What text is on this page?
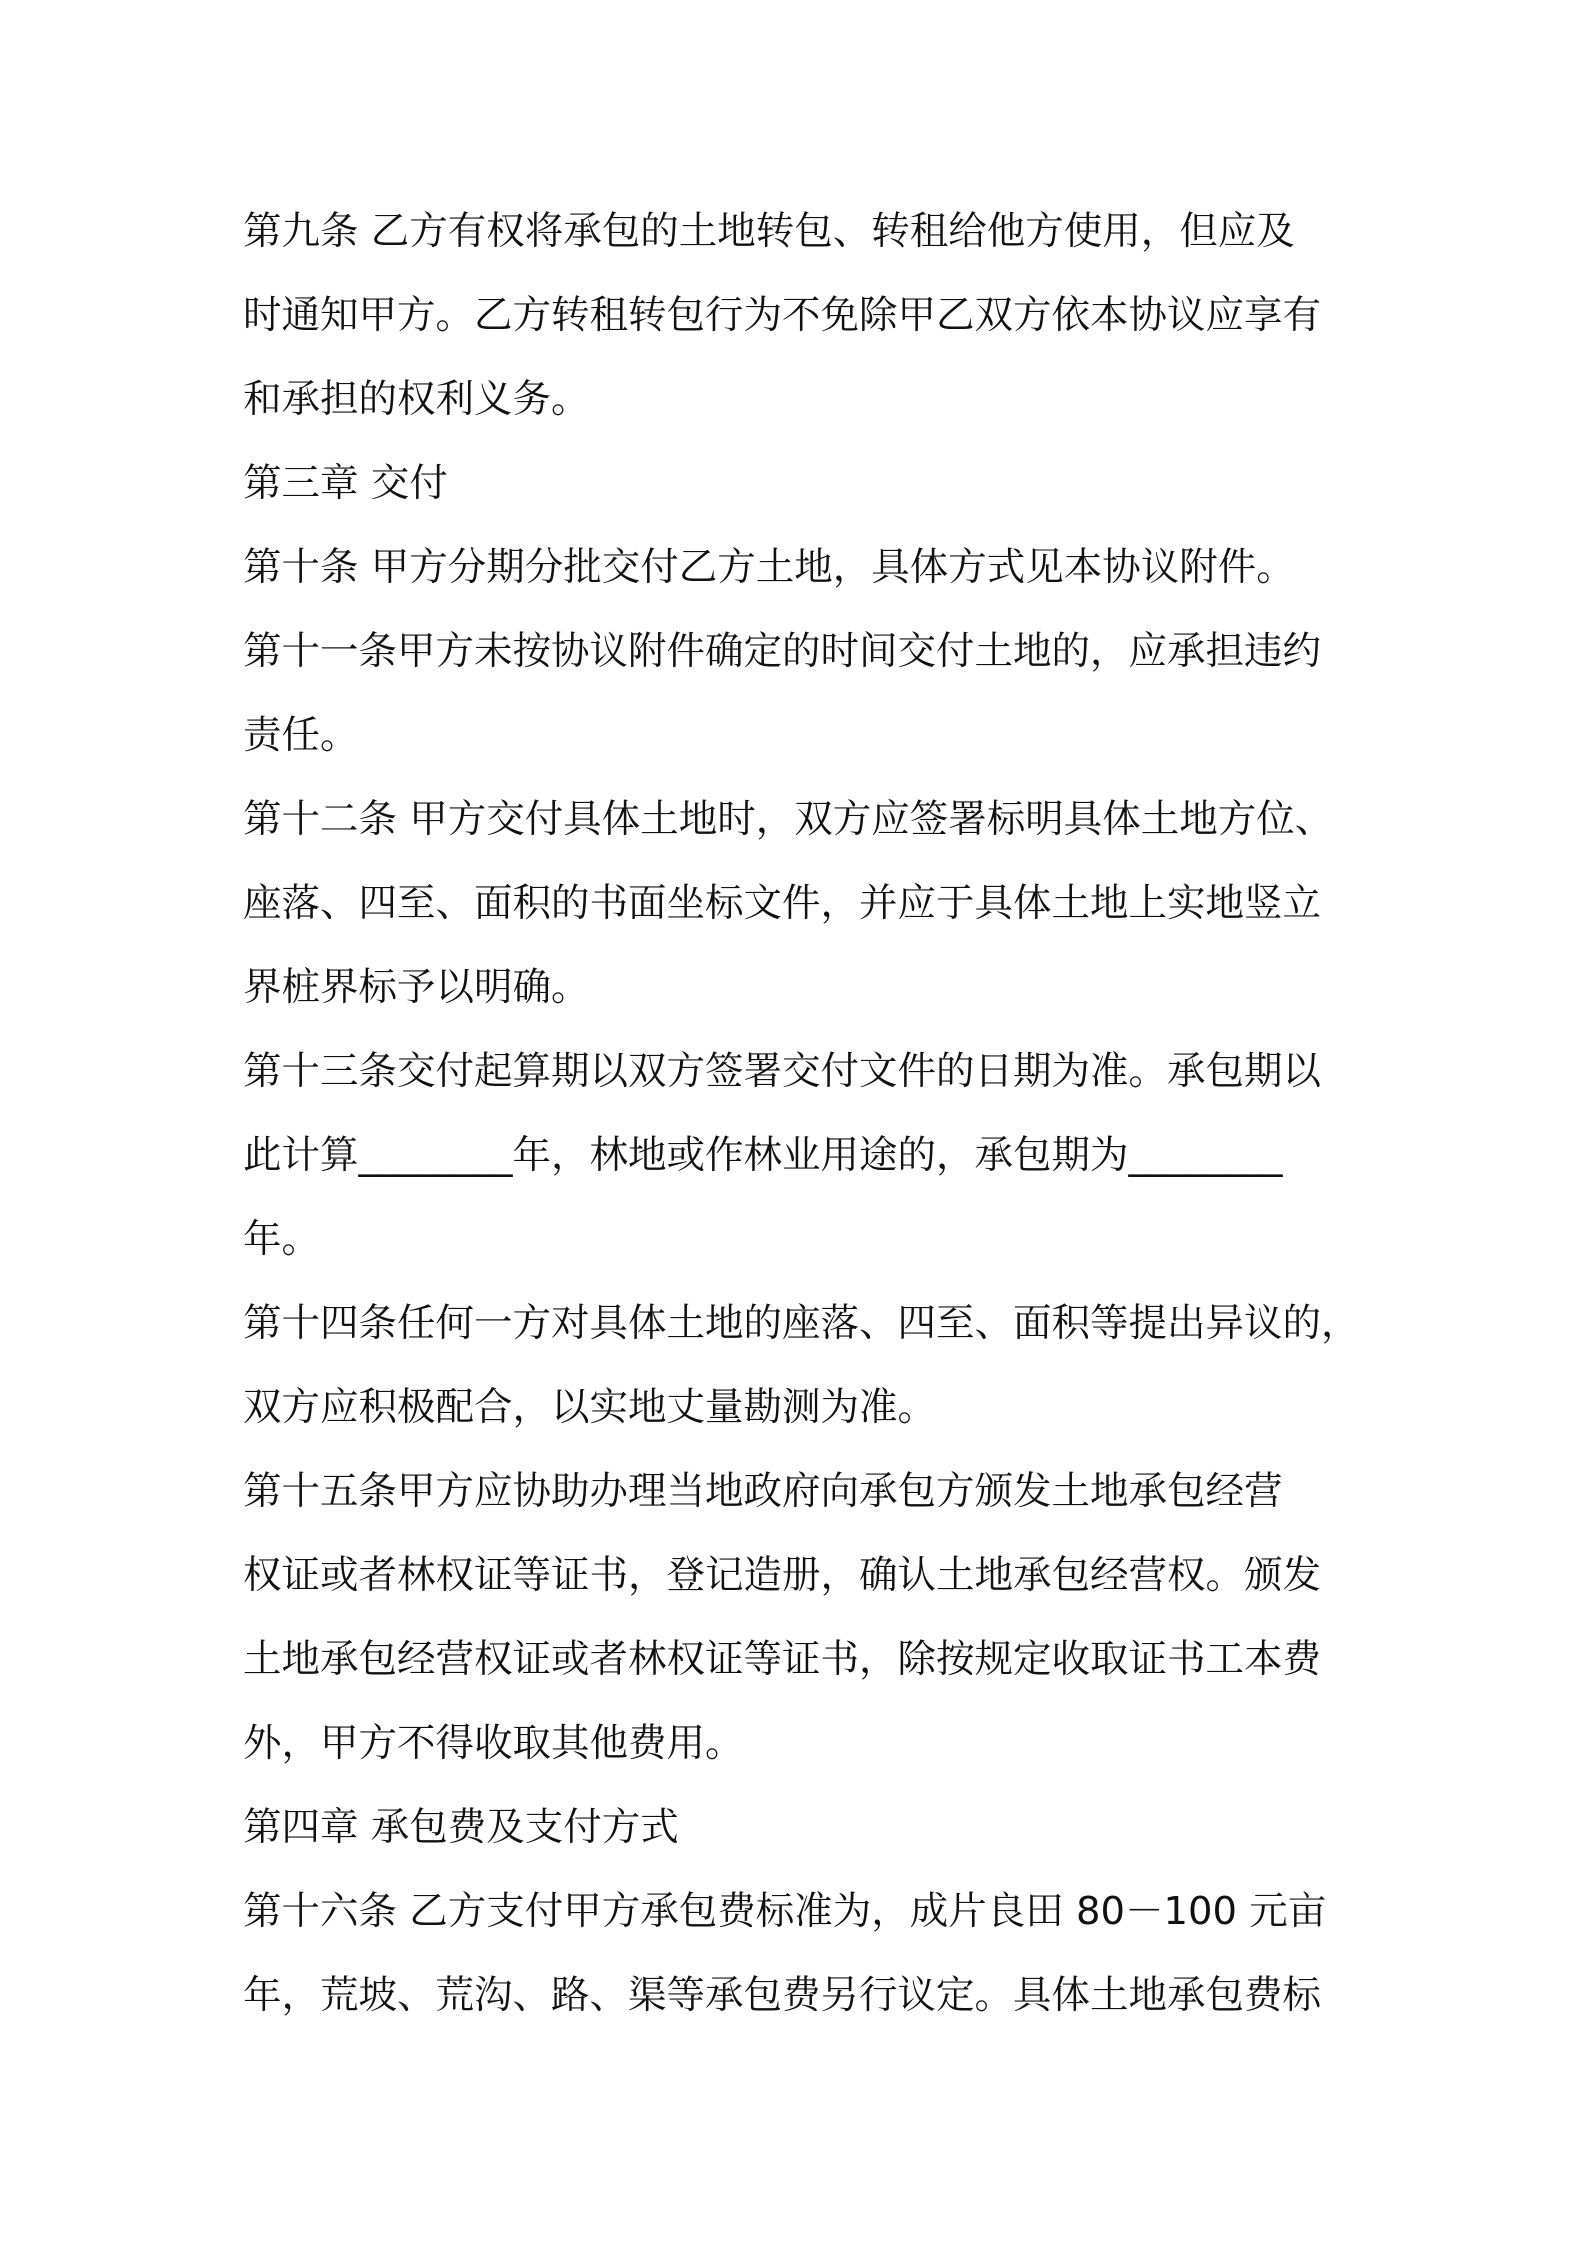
第九条 乙方有权将承包的土地转包、转租给他方使用，但应及
时通知甲方。乙方转租转包行为不免除甲乙双方依本协议应享有
和承担的权利义务。
第三章 交付
第十条 甲方分期分批交付乙方土地，具体方式见本协议附件。
第十一条甲方未按协议附件确定的时间交付土地的，应承担违约
责任。
第十二条 甲方交付具体土地时，双方应签署标明具体土地方位、
座落、四至、面积的书面坐标文件，并应于具体土地上实地竖立
界桩界标予以明确。
第十三条交付起算期以双方签署交付文件的日期为准。承包期以
此计算________年，林地或作林业用途的，承包期为________
年。
第十四条任何一方对具体土地的座落、四至、面积等提出异议的，
双方应积极配合，以实地丈量勘测为准。
第十五条甲方应协助办理当地政府向承包方颁发土地承包经营
权证或者林权证等证书，登记造册，确认土地承包经营权。颁发
土地承包经营权证或者林权证等证书，除按规定收取证书工本费
外，甲方不得收取其他费用。
第四章 承包费及支付方式
第十六条 乙方支付甲方承包费标准为，成片良田 80－100 元亩
年，荒坡、荒沟、路、渠等承包费另行议定。具体土地承包费标
